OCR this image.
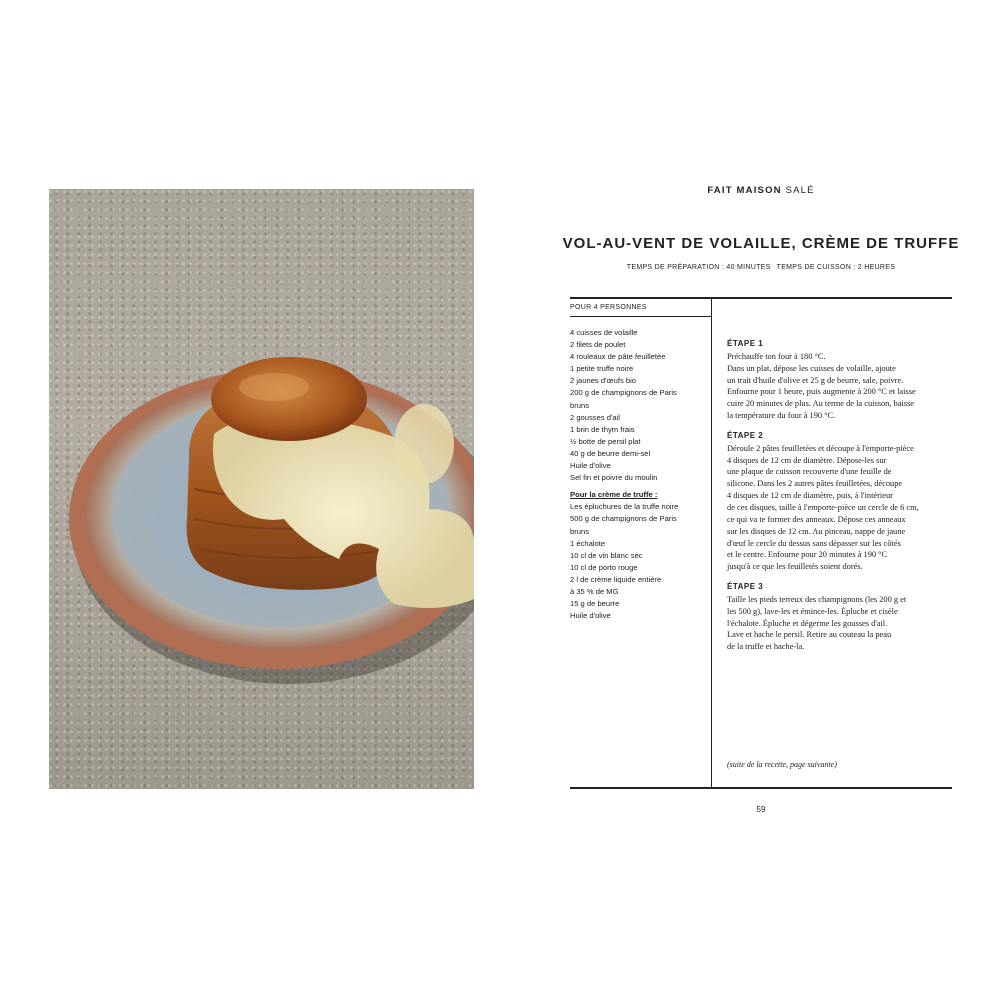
FAIT MAISON SALÉ
VOL-AU-VENT DE VOLAILLE, CRÈME DE TRUFFE
TEMPS DE PRÉPARATION : 40 MINUTES TEMPS DE CUISSON : 2 HEURES
POUR 4 PERSONNES
4 cuisses de volaille
2 filets de poulet
4 rouleaux de pâte feuilletée
1 petite truffe noire
2 jaunes d'œufs bio
200 g de champignons de Paris
bruns
2 gousses d'ail
1 brin de thym frais
½ botte de persil plat
40 g de beurre demi-sel
Huile d'olive
Sel fin et poivre du moulin
Pour la crème de truffe :
Les épluchures de la truffe noire
500 g de champignons de Paris
bruns
1 échalote
10 cl de vin blanc sec
10 cl de porto rouge
2 l de crème liquide entière
à 35 % de MG
15 g de beurre
Huile d'olive
ÉTAPE 1
Préchauffe ton four à 180 °C.
Dans un plat, dépose les cuisses de volaille, ajoute
un trait d'huile d'olive et 25 g de beurre, sale, poivre.
Enfourne pour 1 heure, puis augmente à 200 °C et laisse
cuire 20 minutes de plus. Au terme de la cuisson, baisse
la température du four à 190 °C.
ÉTAPE 2
Déroule 2 pâtes feuilletées et découpe à l'emporte-pièce
4 disques de 12 cm de diamètre. Dépose-les sur
une plaque de cuisson recouverte d'une feuille de
silicone. Dans les 2 autres pâtes feuilletées, découpe
4 disques de 12 cm de diamètre, puis, à l'intérieur
de ces disques, taille à l'emporte-pièce un cercle de 6 cm,
ce qui va te former des anneaux. Dépose ces anneaux
sur les disques de 12 cm. Au pinceau, nappe de jaune
d'œuf le cercle du dessus sans dépasser sur les côtés
et le centre. Enfourne pour 20 minutes à 190 °C
jusqu'à ce que les feuilletés soient dorés.
ÉTAPE 3
Taille les pieds terreux des champignons (les 200 g et
les 500 g), lave-les et émince-les. Épluche et cisèle
l'échalote. Épluche et dégerme les gousses d'ail.
Lave et hache le persil. Retire au couteau la peau
de la truffe et hache-la.
(suite de la recette, page suivante)
59
